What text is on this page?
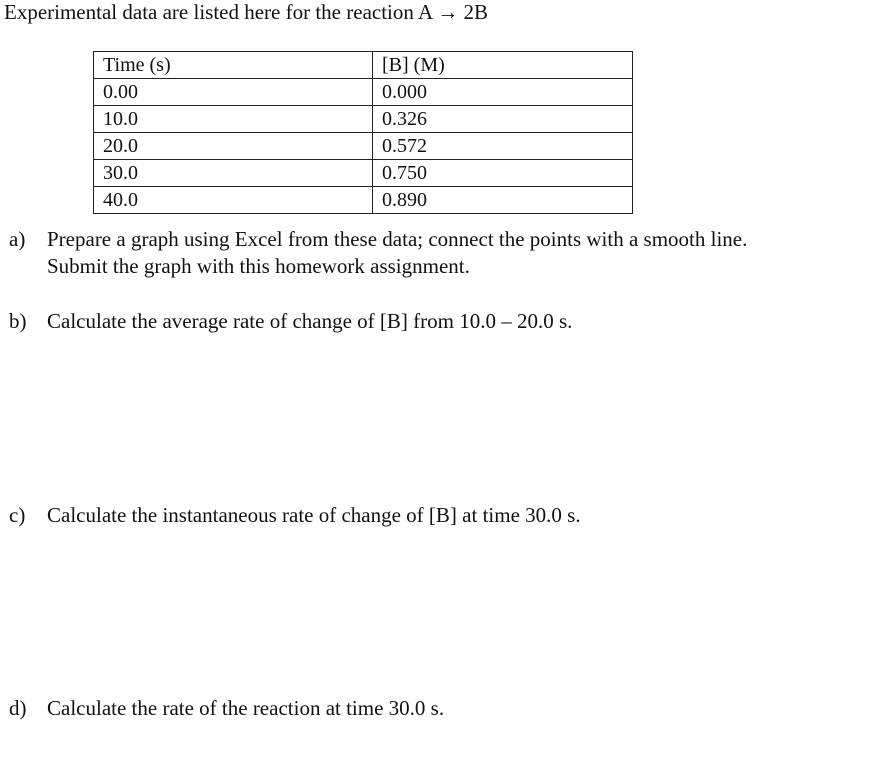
Experimental data are listed here for the reaction A → 2B
Time (s)	[B] (M)
0.00	0.000
10.0	0.326
20.0	0.572
30.0	0.750
40.0	0.890
a) Prepare a graph using Excel from these data; connect the points with a smooth line.
Submit the graph with this homework assignment.
b) Calculate the average rate of change of [B] from 10.0 – 20.0 s.
c) Calculate the instantaneous rate of change of [B] at time 30.0 s.
d) Calculate the rate of the reaction at time 30.0 s.
